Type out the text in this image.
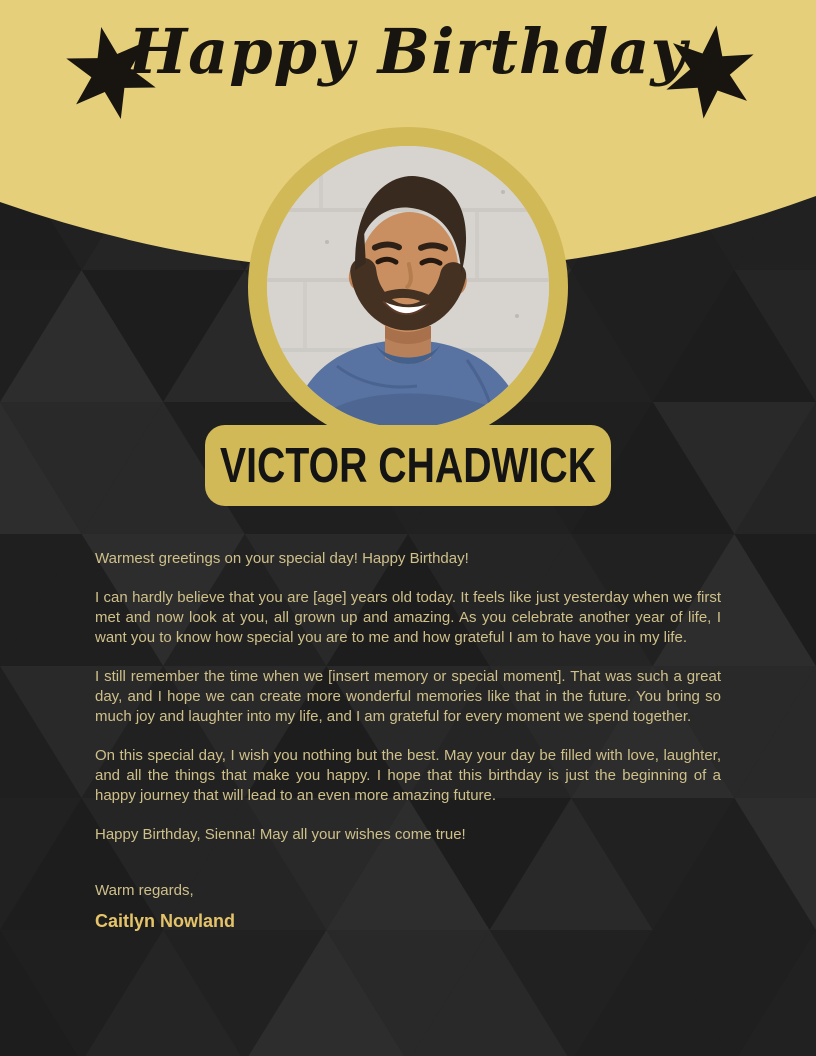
Happy Birthday
VICTOR CHADWICK

Warmest greetings on your special day! Happy Birthday!

I can hardly believe that you are [age] years old today. It feels like just yesterday when we first met and now look at you, all grown up and amazing. As you celebrate another year of life, I want you to know how special you are to me and how grateful I am to have you in my life.

I still remember the time when we [insert memory or special moment]. That was such a great day, and I hope we can create more wonderful memories like that in the future. You bring so much joy and laughter into my life, and I am grateful for every moment we spend together.

On this special day, I wish you nothing but the best. May your day be filled with love, laughter, and all the things that make you happy. I hope that this birthday is just the beginning of a happy journey that will lead to an even more amazing future.

Happy Birthday, Sienna! May all your wishes come true!

Warm regards,
Caitlyn Nowland
